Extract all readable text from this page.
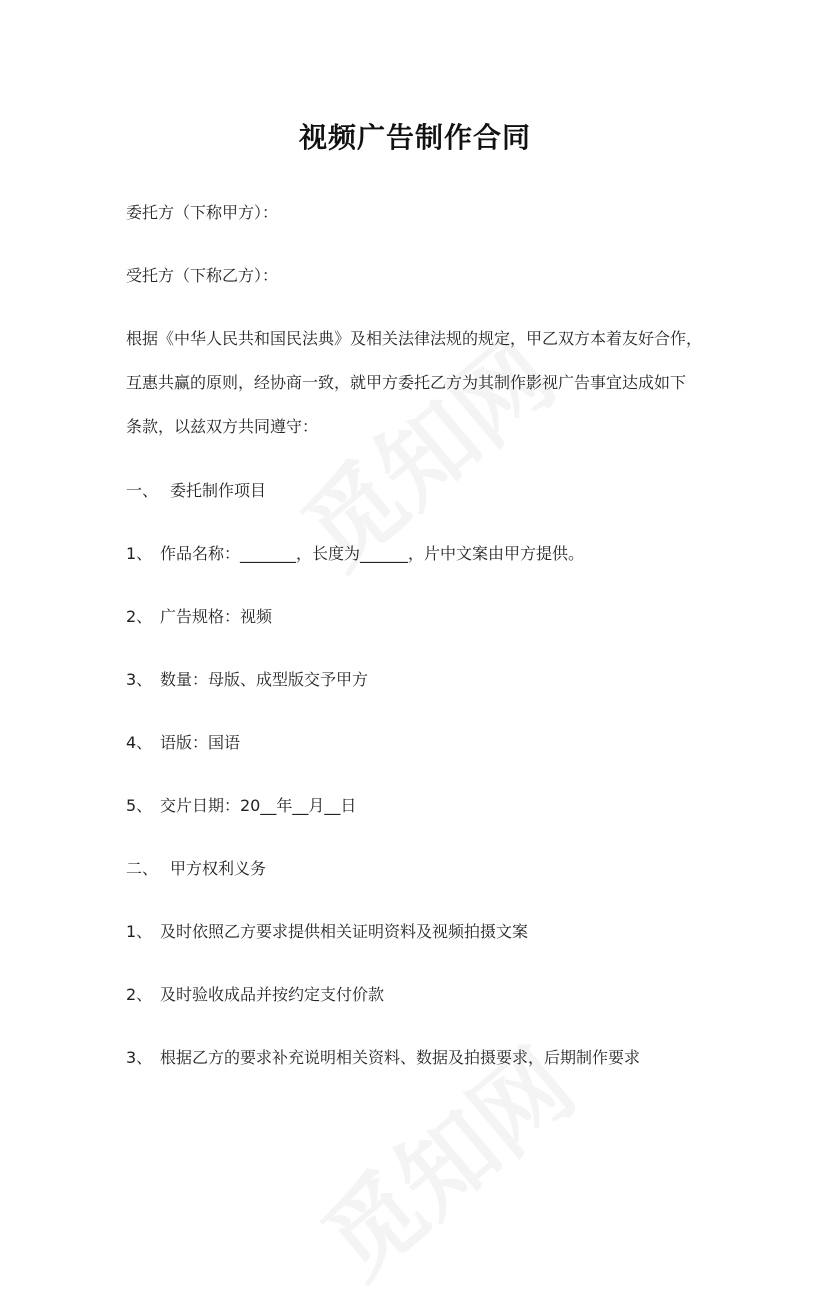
视频广告制作合同
委托方（下称甲方）：
受托方（下称乙方）：
根据《中华人民共和国民法典》及相关法律法规的规定，甲乙双方本着友好合作，
互惠共赢的原则，经协商一致，就甲方委托乙方为其制作影视广告事宜达成如下
条款，以兹双方共同遵守：
一、 委托制作项目
1、 作品名称：_______，长度为______，片中文案由甲方提供。
2、 广告规格：视频
3、 数量：母版、成型版交予甲方
4、 语版：国语
5、 交片日期：20__年__月__日
二、 甲方权利义务
1、 及时依照乙方要求提供相关证明资料及视频拍摄文案
2、 及时验收成品并按约定支付价款
3、 根据乙方的要求补充说明相关资料、数据及拍摄要求，后期制作要求
